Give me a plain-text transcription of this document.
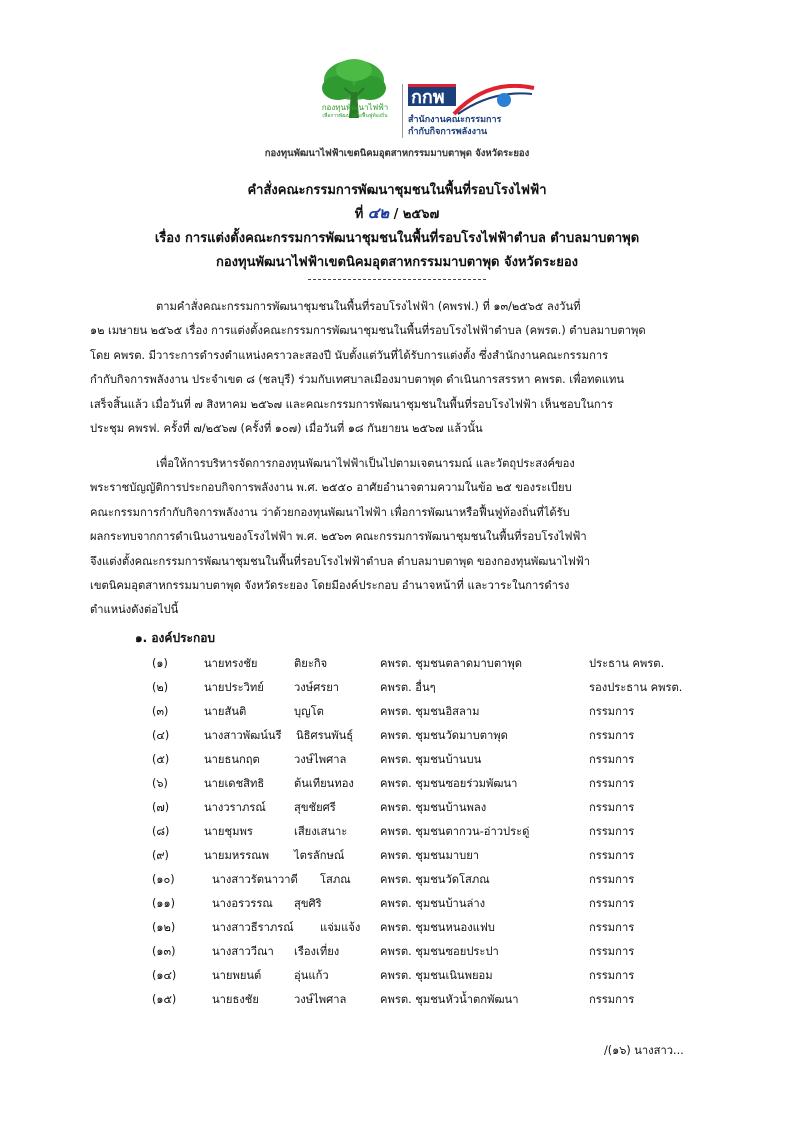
กองทุนพัฒนาไฟฟ้า
เพื่อการพัฒนาหรือฟื้นฟูท้องถิ่น
กกพ
สำนักงานคณะกรรมการ
กำกับกิจการพลังงาน
กองทุนพัฒนาไฟฟ้าเขตนิคมอุตสาหกรรมมาบตาพุด จังหวัดระยอง
คำสั่งคณะกรรมการพัฒนาชุมชนในพื้นที่รอบโรงไฟฟ้า
ที่ ๔๒ / ๒๕๖๗
เรื่อง การแต่งตั้งคณะกรรมการพัฒนาชุมชนในพื้นที่รอบโรงไฟฟ้าตำบล ตำบลมาบตาพุด
กองทุนพัฒนาไฟฟ้าเขตนิคมอุตสาหกรรมมาบตาพุด จังหวัดระยอง

ตามคำสั่งคณะกรรมการพัฒนาชุมชนในพื้นที่รอบโรงไฟฟ้า (คพรฟ.) ที่ ๑๓/๒๕๖๕ ลงวันที่

๑๒ เมษายน ๒๕๖๕ เรื่อง การแต่งตั้งคณะกรรมการพัฒนาชุมชนในพื้นที่รอบโรงไฟฟ้าตำบล (คพรต.) ตำบลมาบตาพุด

โดย คพรต. มีวาระการดำรงตำแหน่งคราวละสองปี นับตั้งแต่วันที่ได้รับการแต่งตั้ง ซึ่งสำนักงานคณะกรรมการ

กำกับกิจการพลังงาน ประจำเขต ๘ (ชลบุรี) ร่วมกับเทศบาลเมืองมาบตาพุด ดำเนินการสรรหา คพรต. เพื่อทดแทน

เสร็จสิ้นแล้ว เมื่อวันที่ ๗ สิงหาคม ๒๕๖๗ และคณะกรรมการพัฒนาชุมชนในพื้นที่รอบโรงไฟฟ้า เห็นชอบในการ

ประชุม คพรฟ. ครั้งที่ ๗/๒๕๖๗ (ครั้งที่ ๑๐๗) เมื่อวันที่ ๑๘ กันยายน ๒๕๖๗ แล้วนั้น

เพื่อให้การบริหารจัดการกองทุนพัฒนาไฟฟ้าเป็นไปตามเจตนารมณ์ และวัตถุประสงค์ของ

พระราชบัญญัติการประกอบกิจการพลังงาน พ.ศ. ๒๕๕๐ อาศัยอำนาจตามความในข้อ ๒๕ ของระเบียบ

คณะกรรมการกำกับกิจการพลังงาน ว่าด้วยกองทุนพัฒนาไฟฟ้า เพื่อการพัฒนาหรือฟื้นฟูท้องถิ่นที่ได้รับ

ผลกระทบจากการดำเนินงานของโรงไฟฟ้า พ.ศ. ๒๕๖๓ คณะกรรมการพัฒนาชุมชนในพื้นที่รอบโรงไฟฟ้า

จึงแต่งตั้งคณะกรรมการพัฒนาชุมชนในพื้นที่รอบโรงไฟฟ้าตำบล ตำบลมาบตาพุด ของกองทุนพัฒนาไฟฟ้า

เขตนิคมอุตสาหกรรมมาบตาพุด จังหวัดระยอง โดยมีองค์ประกอบ อำนาจหน้าที่ และวาระในการดำรง

ตำแหน่งดังต่อไปนี้

๑. องค์ประกอบ
(๑)	นายทรงชัย	ติยะกิจ	คพรต. ชุมชนตลาดมาบตาพุด	ประธาน คพรต.
(๒)	นายประวิทย์	วงษ์ศรยา	คพรต. อื่นๆ	รองประธาน คพรต.
(๓)	นายสันติ	บุญโต	คพรต. ชุมชนอิสลาม	กรรมการ
(๔)	นางสาวพัฒน์นรี นิธิศรนพันธุ์ คพรต. ชุมชนวัดมาบตาพุด	กรรมการ
(๕)	นายธนกฤต	วงษ์ไพศาล	คพรต. ชุมชนบ้านบน	กรรมการ
(๖)	นายเดชสิทธิ	ต้นเทียนทอง คพรต. ชุมชนซอยร่วมพัฒนา	กรรมการ
(๗)	นางวราภรณ์	สุขชัยศรี	คพรต. ชุมชนบ้านพลง	กรรมการ
(๘)	นายชุมพร	เสียงเสนาะ	คพรต. ชุมชนตากวน-อ่าวประดู่	กรรมการ
(๙)	นายมหรรณพ ไตรลักษณ์	คพรต. ชุมชนมาบยา	กรรมการ
(๑๐)	นางสาวรัตนาวาดี โสภณ	คพรต. ชุมชนวัดโสภณ	กรรมการ
(๑๑)	นางอรวรรณ สุขศิริ	คพรต. ชุมชนบ้านล่าง	กรรมการ
(๑๒)	นางสาวธีราภรณ์ แจ่มแจ้ง คพรต. ชุมชนหนองแฟบ	กรรมการ
(๑๓)	นางสาววีณา เรืองเที่ยง	คพรต. ชุมชนซอยประปา	กรรมการ
(๑๔)	นายพยนต์	อุ่นแก้ว	คพรต. ชุมชนเนินพยอม	กรรมการ
(๑๕)	นายธงชัย	วงษ์ไพศาล	คพรต. ชุมชนหัวน้ำตกพัฒนา	กรรมการ
/(๑๖) นางสาว...
